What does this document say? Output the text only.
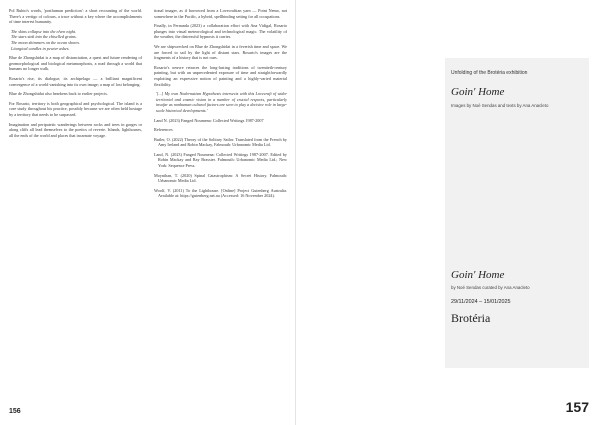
Pol Rubio's words, 'posthuman prediction': a short recounting of the world. There's a vertigo of colours, a trace without a key where the accomplishments of time interest humanity.

The skins collapse into the elven night.
The stars sink into the chiselled grains.
The moon shimmers on the ocean shores.
Liturgical candles in pewter ashes.

Blue de Zhongshidai is a map of distanciation, a quest and future rendering of geomorphological and biological metamorphosis, a road through a world that humans no longer walk.

Rosario's rise, its dialogue, its archipelago — a brilliant magnificent convergence of a world vanishing into its own image; a map of lost belonging.

Blue de Zhongshidai also hearkens back to earlier projects.

For Rosario, territory is both geographical and psychological. The island is a core study throughout his practice, possibly because we are often held hostage by a territory that needs to be surpassed.

Imagination and peripatetic wanderings between rocks and trees in gorges or along cliffs all lead themselves to the poetics of reverie. Islands, lighthouses, all the ends of the world and places that incarnate voyage.

tional imager, as if borrowed from a Lovecraftian yarn — Point Nemo, not somewhere in the Pacific, a hybrid, spellbinding setting for all occupations.

Finally, in Fernanda (2023) a collaboration effort with Ana Vidigal, Rosario plunges into visual meteorological and technological magic. The volatility of the weather, the distressful hypnosis it carries.

We are shipwrecked on Blue de Zhongshidai in a feverish time and space. We are forced to sail by the light of distant stars. Rosario's images are the fragments of a history that is not ours.

Rosario's oeuvre retraces the long-lasting traditions of twentieth-century painting, but with an unprecedented exposure of time and straightforwardly exploiting an expressive notion of painting and a highly-varied material flexibility.

'[...] My own Nodernatism Hypothesis intersects with this Lovecraft of wider territorial and cosmic vision in a number of crucial respects, particularly insofar as nonhuman cultural factors are seen to play a decisive role in large-scale historical developments.'

Land N. (2023) Fanged Noumena: Collected Writings 1987-2007

References

Butler, O. (2022) Theory of the Solitary Sailor. Translated from the French by Amy Ireland and Robin Mackay, Falmouth: Urbanomic Media Ltd.

Land, N. (2023) Fanged Noumena: Collected Writings 1987-2007. Edited by Robin Mackay and Ray Brassier. Falmouth: Urbanomic Media Ltd.; New York: Sequence Press.

Moynihan, T. (2020) Spinal Catastrophism: A Secret History. Falmouth: Urbanomic Media Ltd.

Woolf, V. (2011) To the Lighthouse. [Online] Project Gutenberg Australia. Available at: https://gutenberg.net.au (Accessed: 16 November 2024).

156
Unfolding of the Brotéria exhibition
Goin' Home
Images by Noé Sendas and texts by Ana Anacleto
Goin' Home
by Noé Sendas curated by Ana Anacleto
29/11/2024 – 15/01/2025
Brotéria
157
